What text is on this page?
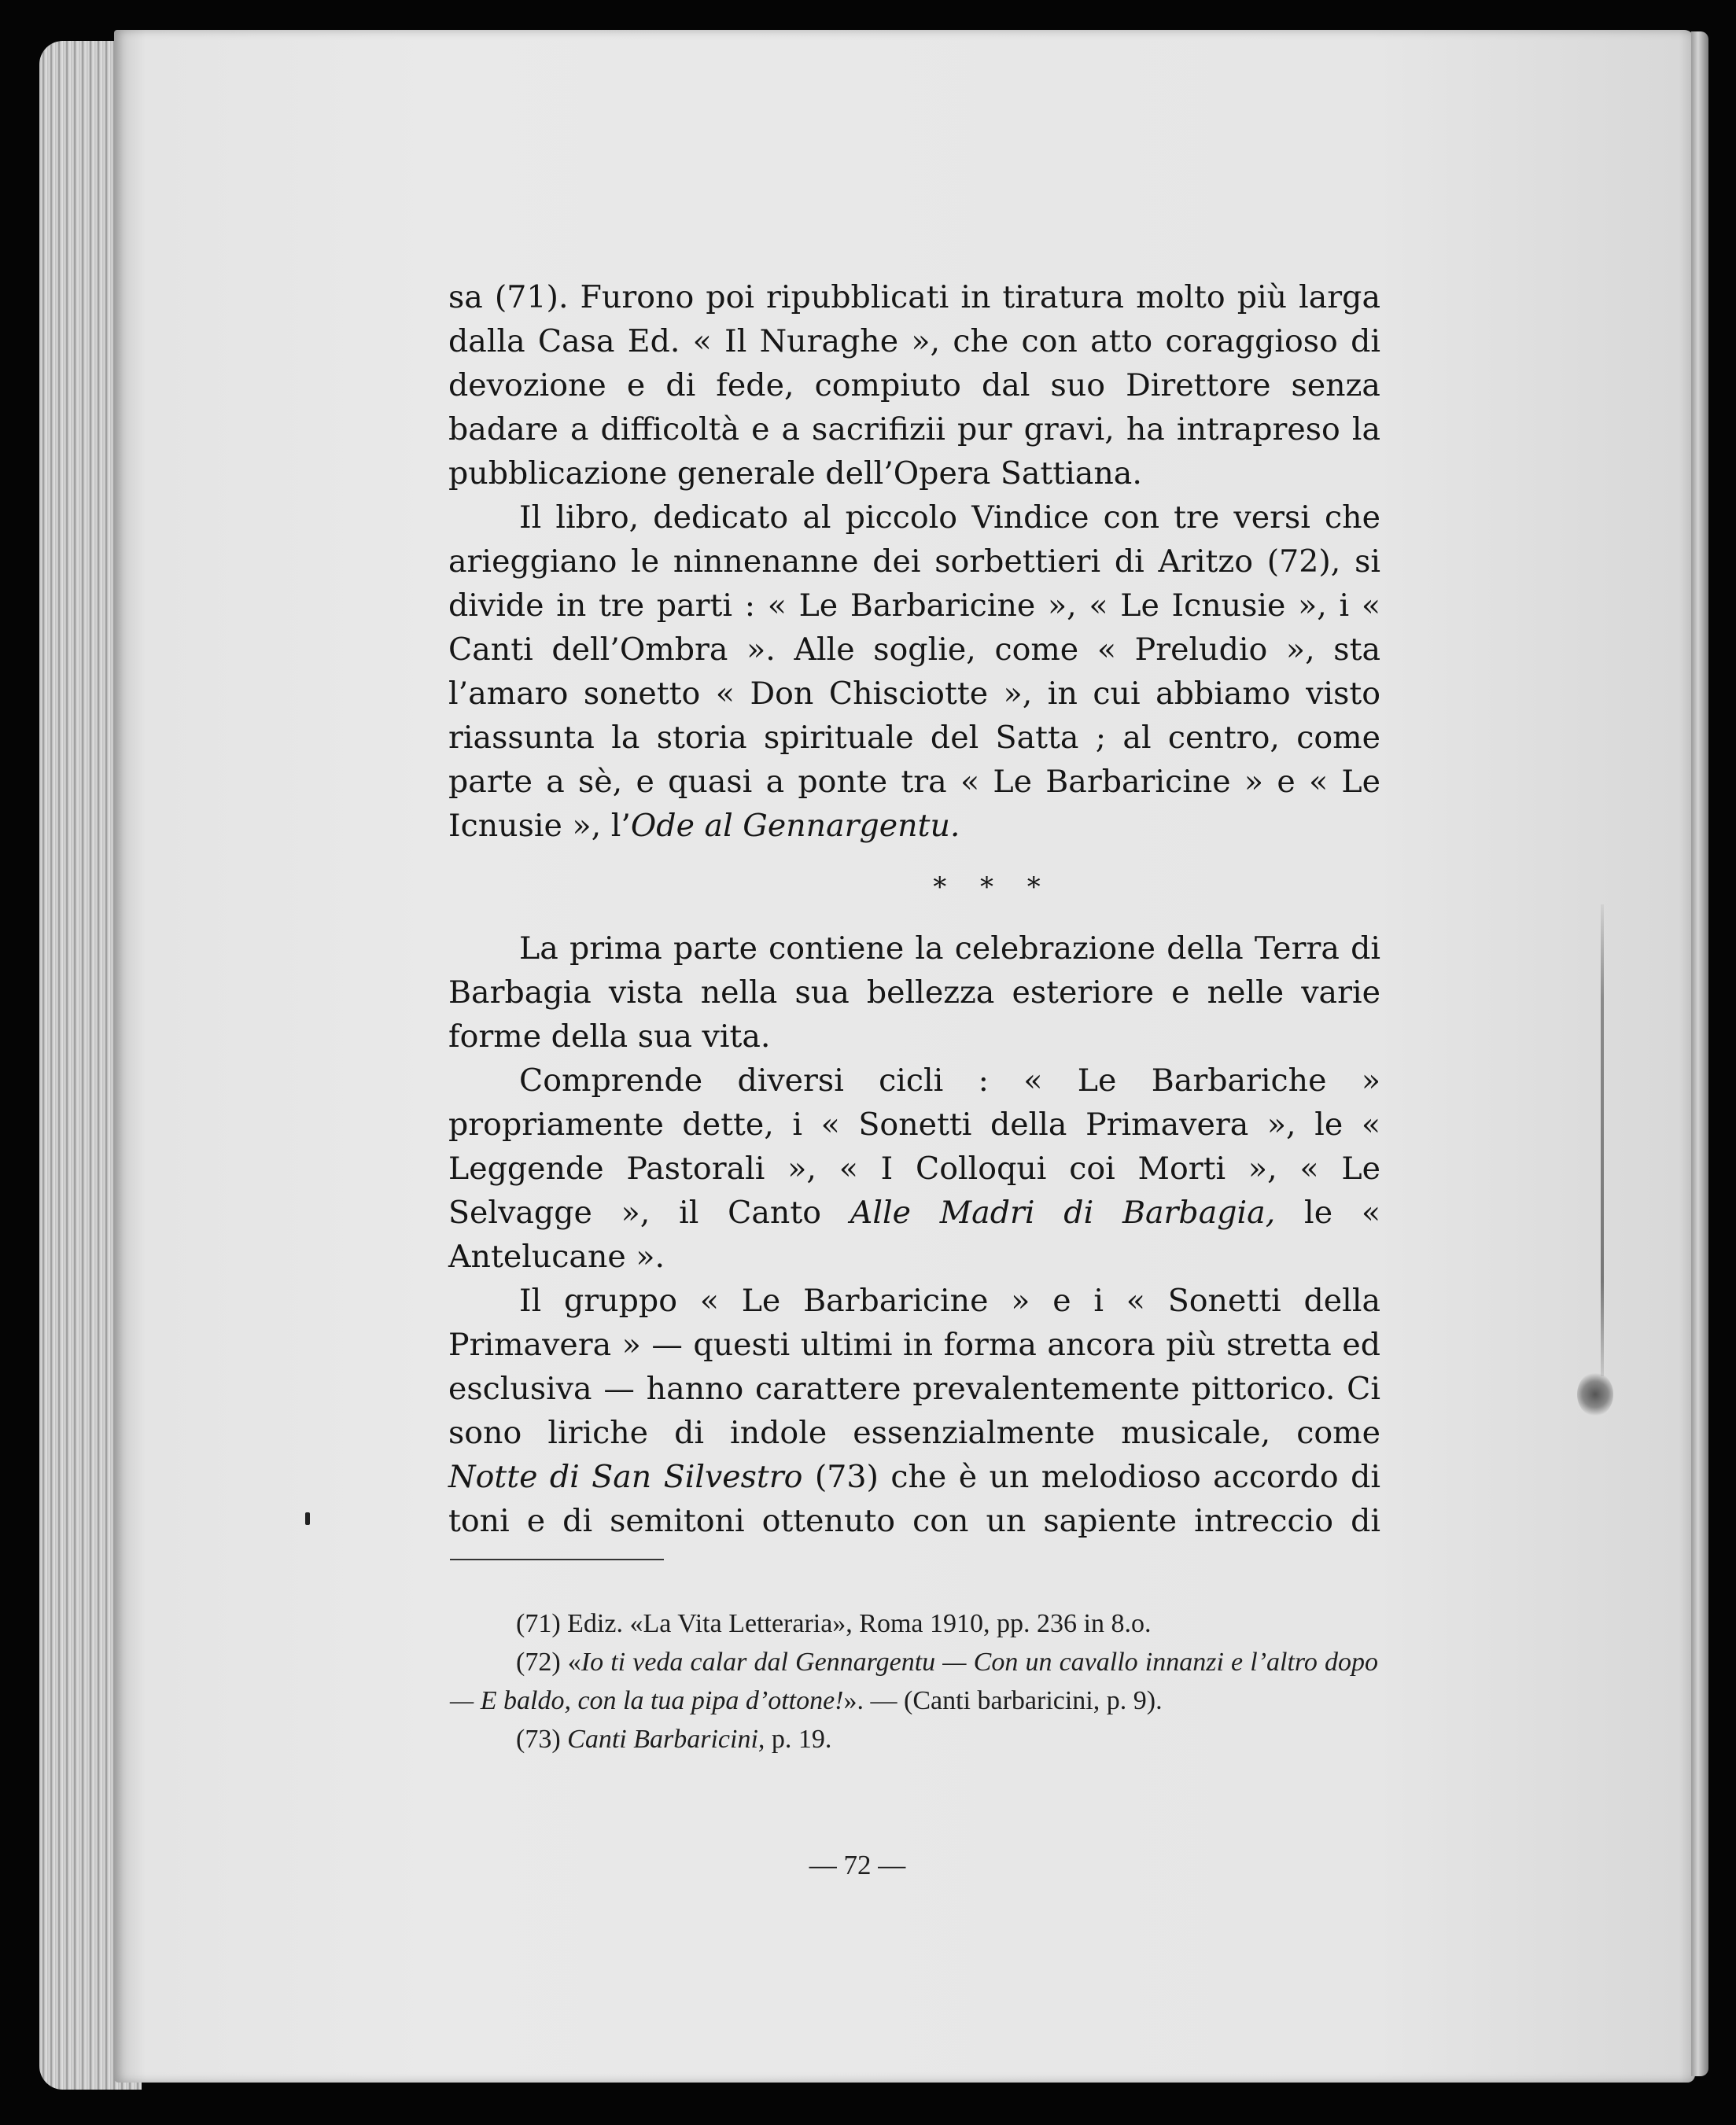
sa (71). Furono poi ripubblicati in tiratura molto più larga dalla Casa Ed. « Il Nuraghe », che con atto coraggioso di devozione e di fede, compiuto dal suo Direttore senza badare a difficoltà e a sacrifizii pur gravi, ha intrapreso la pubblicazione generale dell’Opera Sattiana.

Il libro, dedicato al piccolo Vindice con tre versi che arieggiano le ninnenanne dei sorbettieri di Aritzo (72), si divide in tre parti : « Le Barbaricine », « Le Icnusie », i « Canti dell’Ombra ». Alle soglie, come « Preludio », sta l’amaro sonetto « Don Chisciotte », in cui abbiamo visto riassunta la storia spirituale del Satta ; al centro, come parte a sè, e quasi a ponte tra « Le Barbaricine » e « Le Icnusie », l’Ode al Gennargentu.

* * *

La prima parte contiene la celebrazione della Terra di Barbagia vista nella sua bellezza esteriore e nelle varie forme della sua vita.

Comprende diversi cicli : « Le Barbariche » propriamente dette, i « Sonetti della Primavera », le « Leggende Pastorali », « I Colloqui coi Morti », « Le Selvagge », il Canto Alle Madri di Barbagia, le « Antelucane ».

Il gruppo « Le Barbaricine » e i « Sonetti della Primavera » — questi ultimi in forma ancora più stretta ed esclusiva — hanno carattere prevalentemente pittorico. Ci sono liriche di indole essenzialmente musicale, come Notte di San Silvestro (73) che è un melodioso accordo di toni e di semitoni ottenuto con un sapiente intreccio di

(71) Ediz. «La Vita Letteraria», Roma 1910, pp. 236 in 8.o.

(72) «Io ti veda calar dal Gennargentu — Con un cavallo innanzi e l’altro dopo — E baldo, con la tua pipa d’ottone!». — (Canti barbaricini, p. 9).

(73) Canti Barbaricini, p. 19.

— 72 —
